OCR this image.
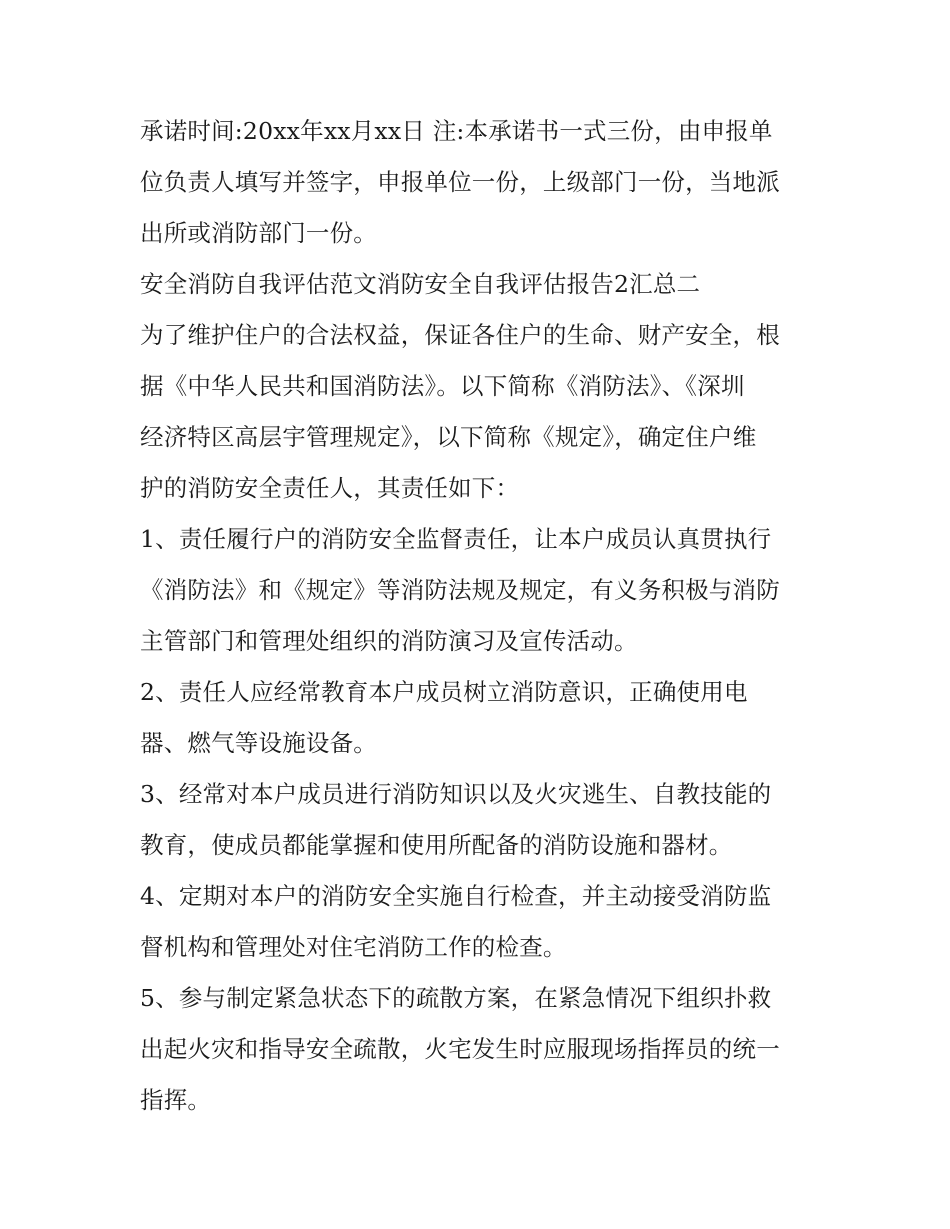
承诺时间:20xx年xx月xx日 注:本承诺书一式三份，由申报单
位负责人填写并签字，申报单位一份，上级部门一份，当地派
出所或消防部门一份。
安全消防自我评估范文消防安全自我评估报告2汇总二
为了维护住户的合法权益，保证各住户的生命、财产安全，根
据《中华人民共和国消防法》。以下简称《消防法》、《深圳
经济特区高层宇管理规定》，以下简称《规定》，确定住户维
护的消防安全责任人，其责任如下：
1、责任履行户的消防安全监督责任，让本户成员认真贯执行
《消防法》和《规定》等消防法规及规定，有义务积极与消防
主管部门和管理处组织的消防演习及宣传活动。
2、责任人应经常教育本户成员树立消防意识，正确使用电
器、燃气等设施设备。
3、经常对本户成员进行消防知识以及火灾逃生、自教技能的
教育，使成员都能掌握和使用所配备的消防设施和器材。
4、定期对本户的消防安全实施自行检查，并主动接受消防监
督机构和管理处对住宅消防工作的检查。
5、参与制定紧急状态下的疏散方案，在紧急情况下组织扑救
出起火灾和指导安全疏散，火宅发生时应服现场指挥员的统一
指挥。
